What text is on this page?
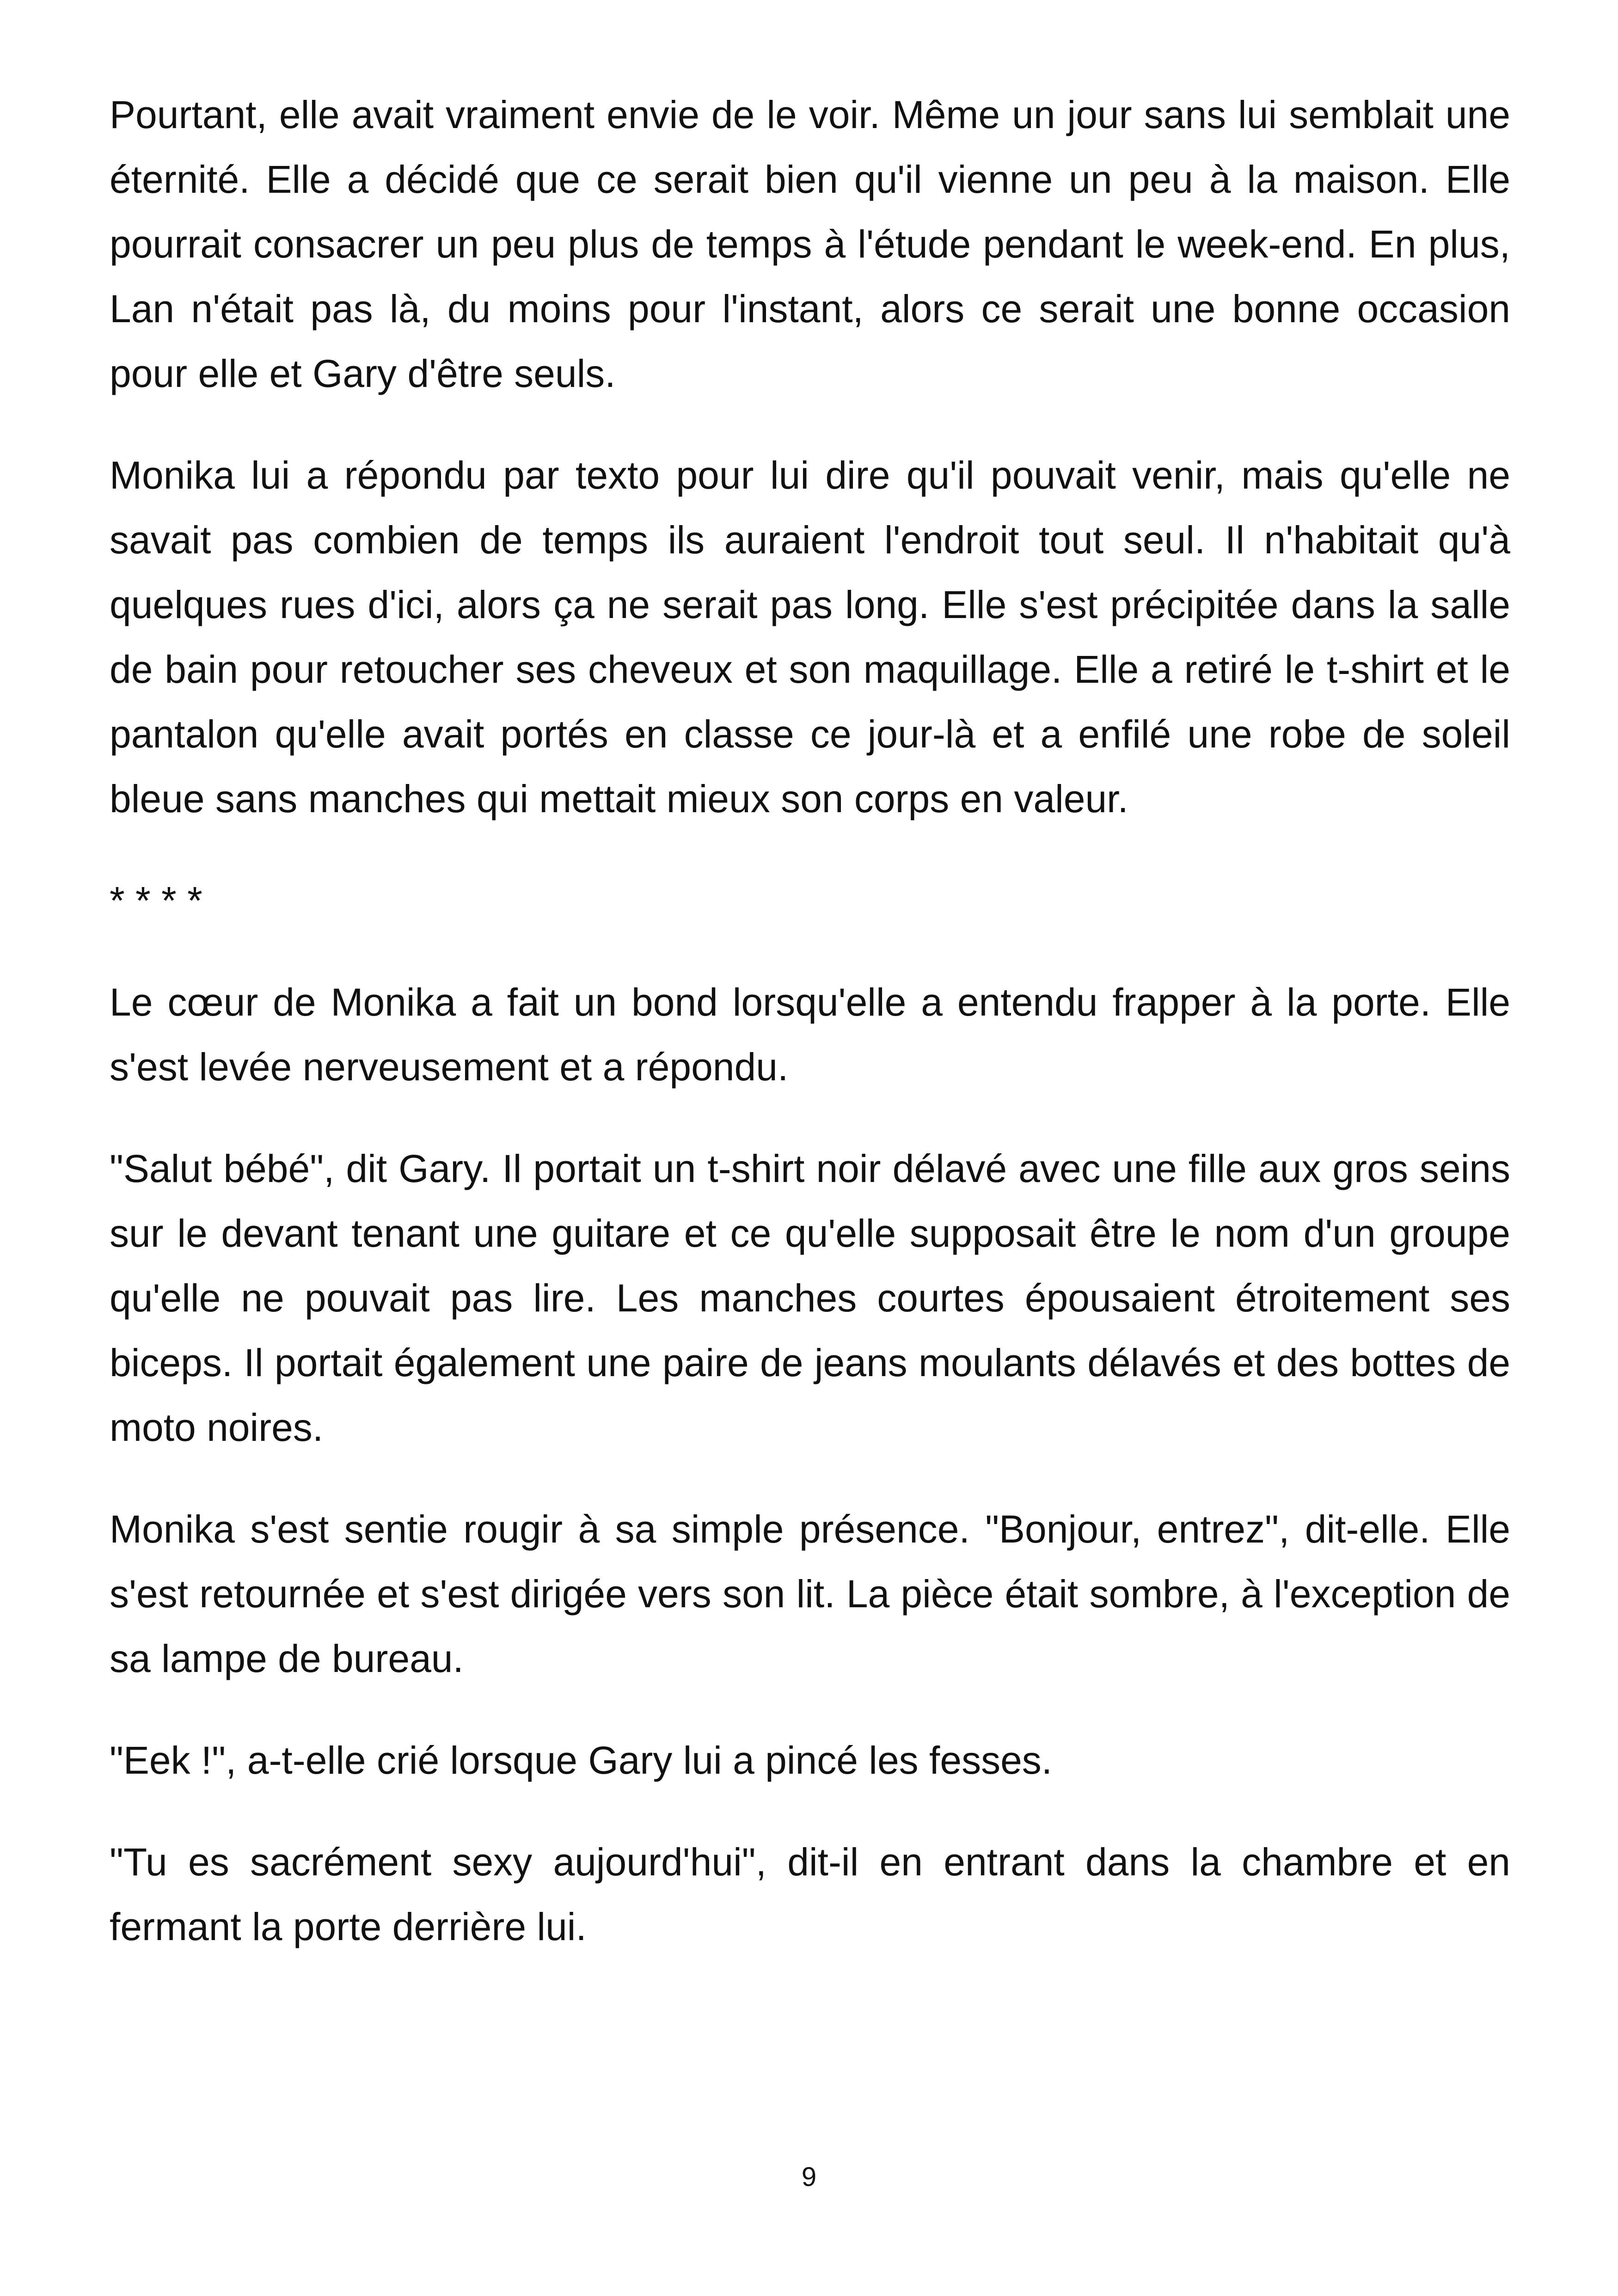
Pourtant, elle avait vraiment envie de le voir. Même un jour sans lui semblait une éternité. Elle a décidé que ce serait bien qu'il vienne un peu à la maison. Elle pourrait consacrer un peu plus de temps à l'étude pendant le week-end. En plus, Lan n'était pas là, du moins pour l'instant, alors ce serait une bonne occasion pour elle et Gary d'être seuls.

Monika lui a répondu par texto pour lui dire qu'il pouvait venir, mais qu'elle ne savait pas combien de temps ils auraient l'endroit tout seul. Il n'habitait qu'à quelques rues d'ici, alors ça ne serait pas long. Elle s'est précipitée dans la salle de bain pour retoucher ses cheveux et son maquillage. Elle a retiré le t-shirt et le pantalon qu'elle avait portés en classe ce jour-là et a enfilé une robe de soleil bleue sans manches qui mettait mieux son corps en valeur.

* * * *

Le cœur de Monika a fait un bond lorsqu'elle a entendu frapper à la porte. Elle s'est levée nerveusement et a répondu.

"Salut bébé", dit Gary. Il portait un t-shirt noir délavé avec une fille aux gros seins sur le devant tenant une guitare et ce qu'elle supposait être le nom d'un groupe qu'elle ne pouvait pas lire. Les manches courtes épousaient étroitement ses biceps. Il portait également une paire de jeans moulants délavés et des bottes de moto noires.

Monika s'est sentie rougir à sa simple présence. "Bonjour, entrez", dit-elle. Elle s'est retournée et s'est dirigée vers son lit. La pièce était sombre, à l'exception de sa lampe de bureau.

"Eek !", a-t-elle crié lorsque Gary lui a pincé les fesses.

"Tu es sacrément sexy aujourd'hui", dit-il en entrant dans la chambre et en fermant la porte derrière lui.

9
